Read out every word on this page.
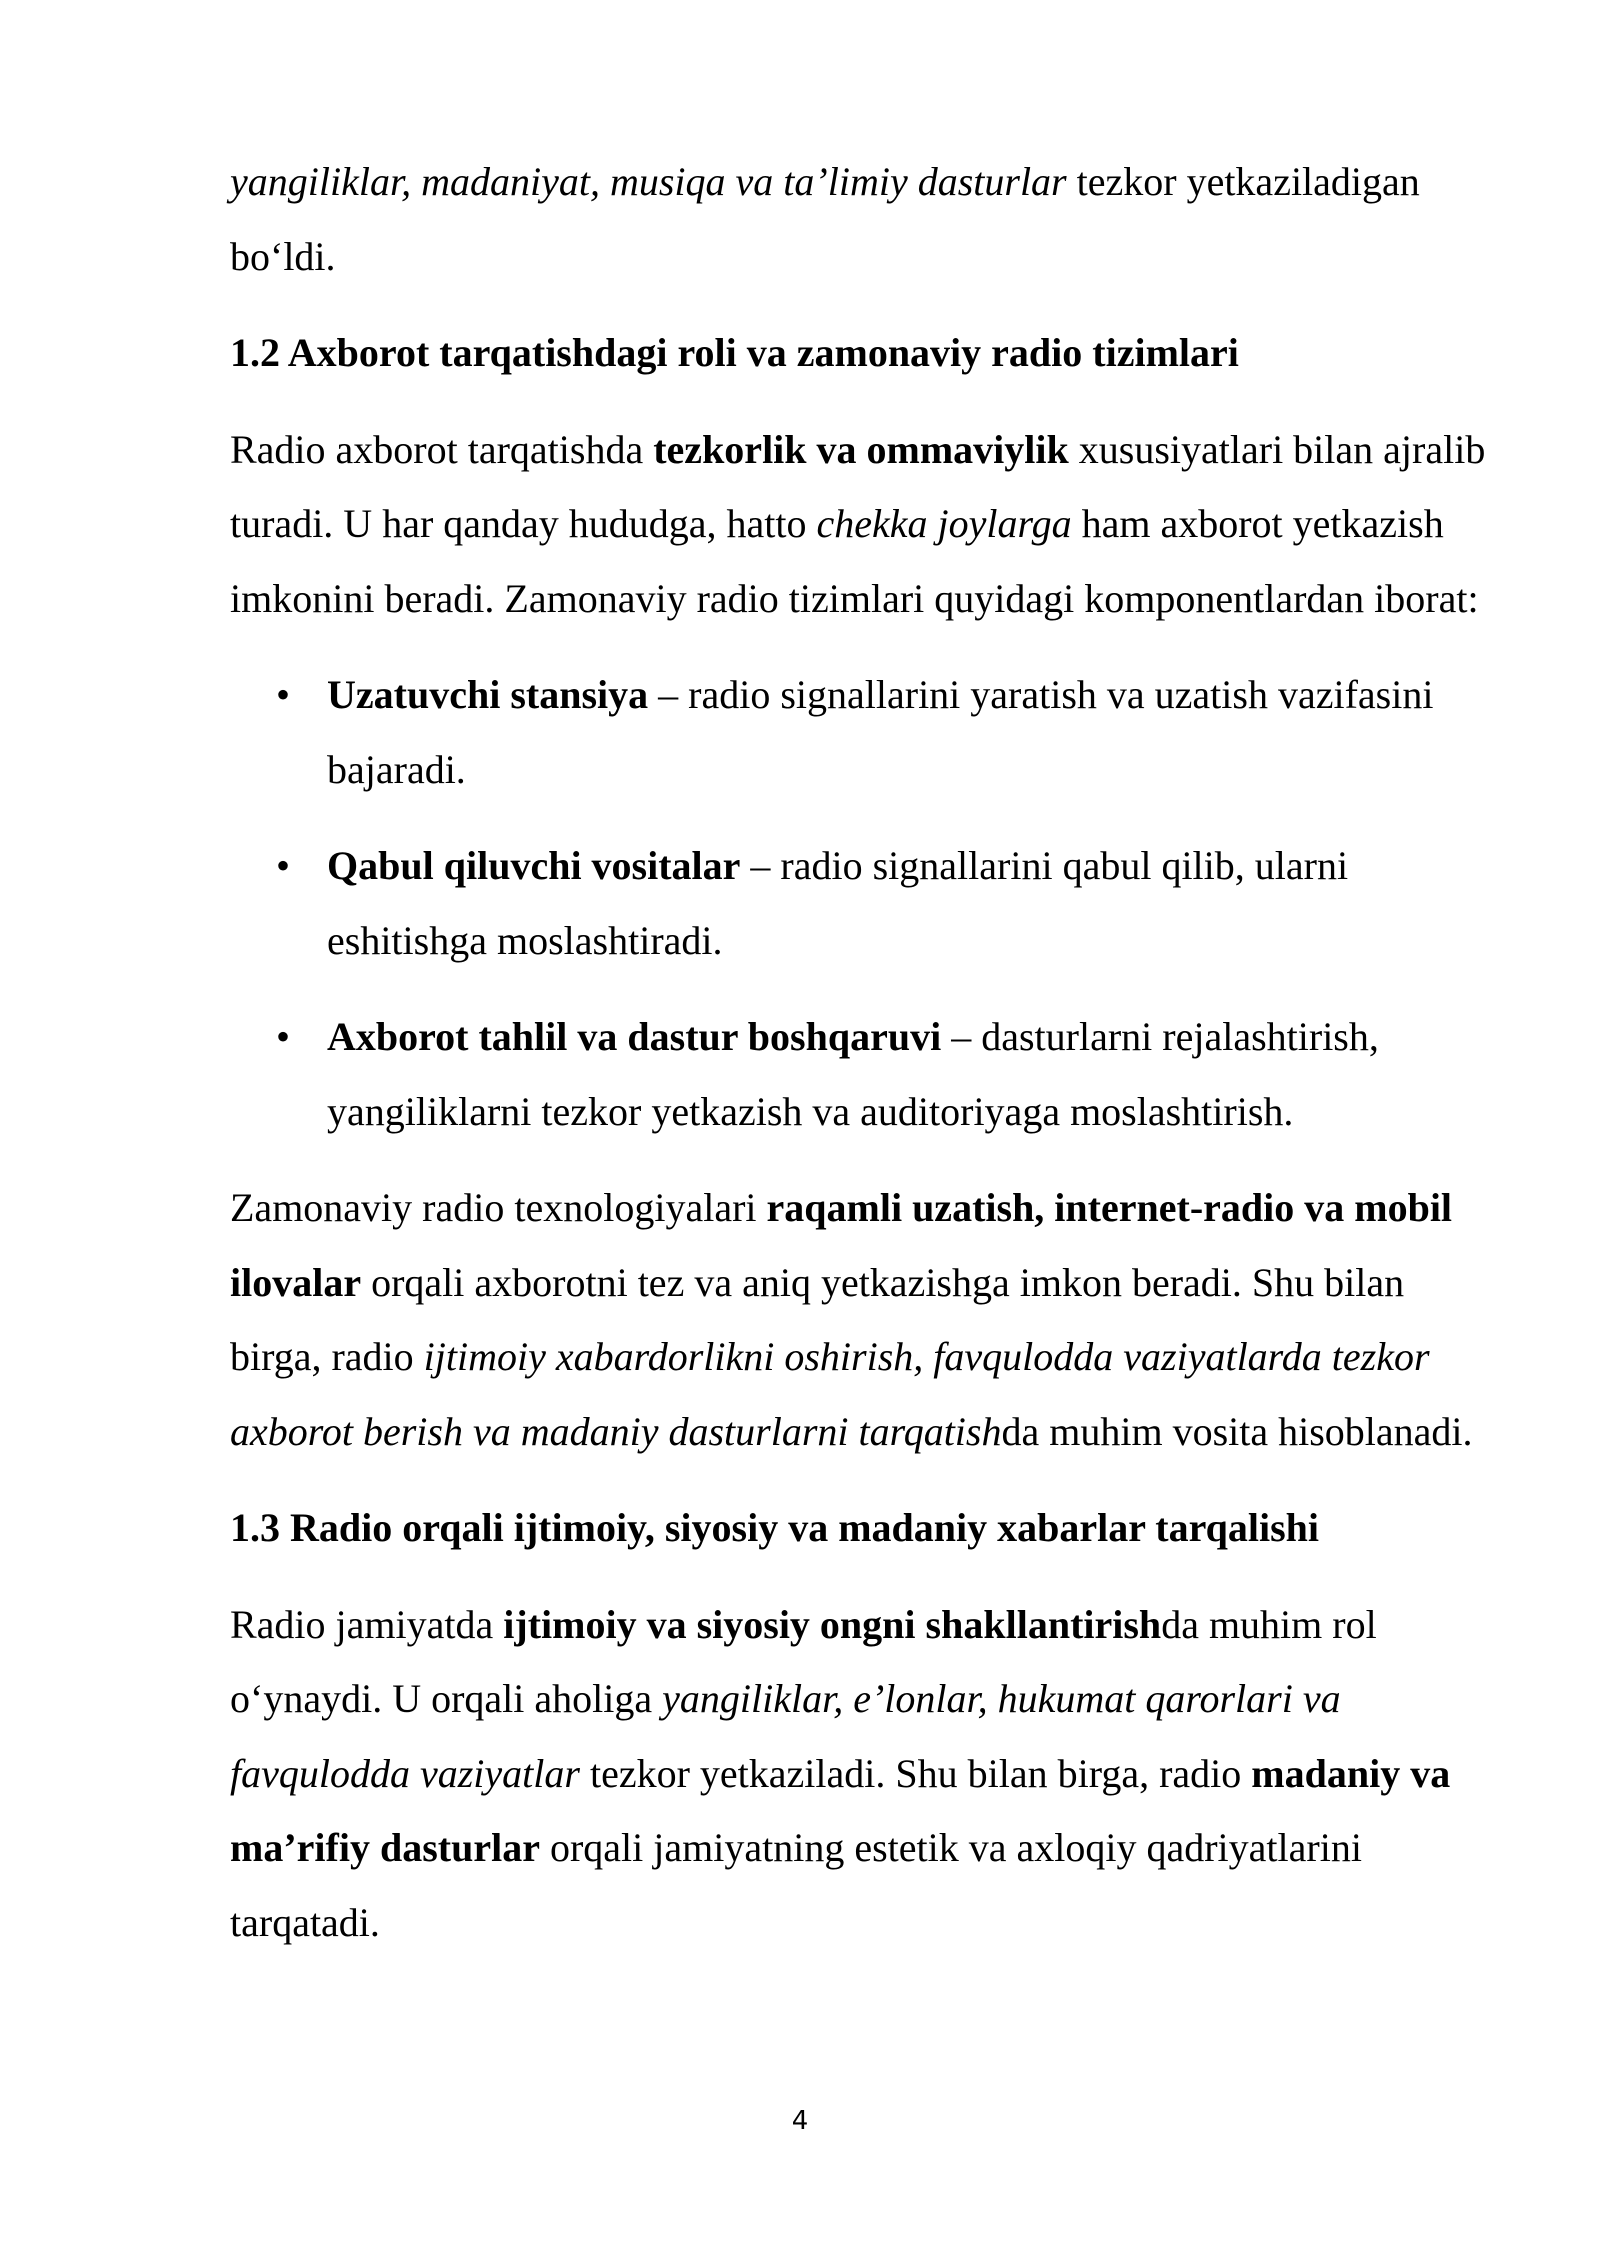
yangiliklar, madaniyat, musiqa va ta’limiy dasturlar tezkor yetkaziladigan bo‘ldi.

1.2 Axborot tarqatishdagi roli va zamonaviy radio tizimlari

Radio axborot tarqatishda tezkorlik va ommaviylik xususiyatlari bilan ajralib turadi. U har qanday hududga, hatto chekka joylarga ham axborot yetkazish imkonini beradi. Zamonaviy radio tizimlari quyidagi komponentlardan iborat:

• Uzatuvchi stansiya – radio signallarini yaratish va uzatish vazifasini bajaradi.
• Qabul qiluvchi vositalar – radio signallarini qabul qilib, ularni eshitishga moslashtiradi.
• Axborot tahlil va dastur boshqaruvi – dasturlarni rejalashtirish, yangiliklarni tezkor yetkazish va auditoriyaga moslashtirish.

Zamonaviy radio texnologiyalari raqamli uzatish, internet-radio va mobil ilovalar orqali axborotni tez va aniq yetkazishga imkon beradi. Shu bilan birga, radio ijtimoiy xabardorlikni oshirish, favqulodda vaziyatlarda tezkor axborot berish va madaniy dasturlarni tarqatishda muhim vosita hisoblanadi.

1.3 Radio orqali ijtimoiy, siyosiy va madaniy xabarlar tarqalishi

Radio jamiyatda ijtimoiy va siyosiy ongni shakllantirishda muhim rol o‘ynaydi. U orqali aholiga yangiliklar, e’lonlar, hukumat qarorlari va favqulodda vaziyatlar tezkor yetkaziladi. Shu bilan birga, radio madaniy va ma’rifiy dasturlar orqali jamiyatning estetik va axloqiy qadriyatlarini tarqatadi.

4
